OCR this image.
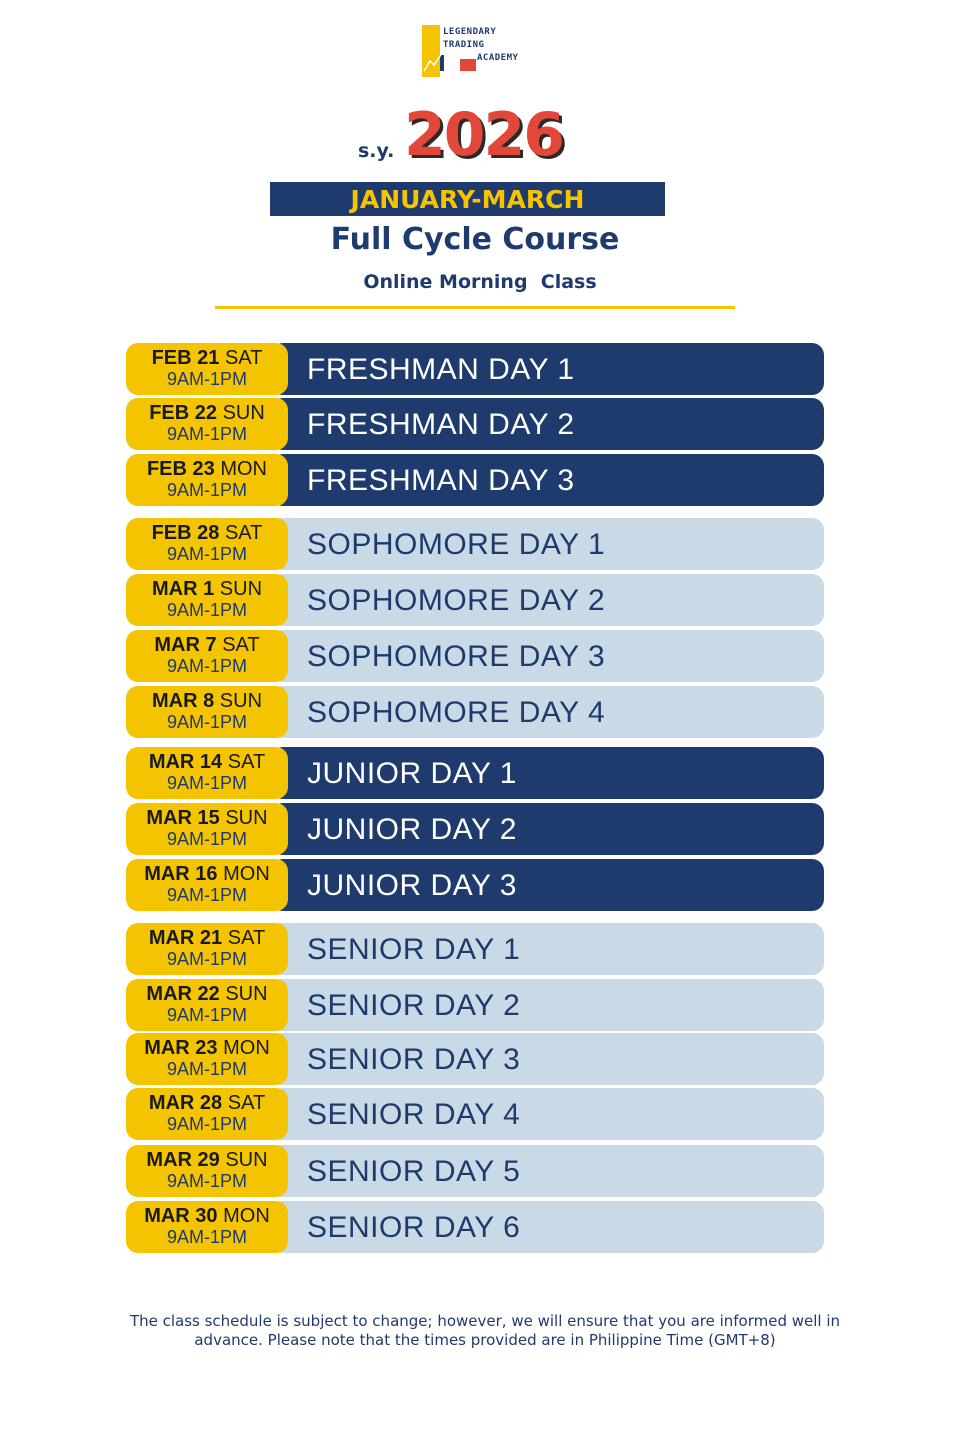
LEGENDARY
TRADING
ACADEMY
s.y. 2026
JANUARY-MARCH
Full Cycle Course
Online Morning  Class
FRESHMAN DAY 1
FEB 21 SAT
9AM-1PM
FRESHMAN DAY 2
FEB 22 SUN
9AM-1PM
FRESHMAN DAY 3
FEB 23 MON
9AM-1PM
SOPHOMORE DAY 1
FEB 28 SAT
9AM-1PM
SOPHOMORE DAY 2
MAR 1 SUN
9AM-1PM
SOPHOMORE DAY 3
MAR 7 SAT
9AM-1PM
SOPHOMORE DAY 4
MAR 8 SUN
9AM-1PM
JUNIOR DAY 1
MAR 14 SAT
9AM-1PM
JUNIOR DAY 2
MAR 15 SUN
9AM-1PM
JUNIOR DAY 3
MAR 16 MON
9AM-1PM
SENIOR DAY 1
MAR 21 SAT
9AM-1PM
SENIOR DAY 2
MAR 22 SUN
9AM-1PM
SENIOR DAY 3
MAR 23 MON
9AM-1PM
SENIOR DAY 4
MAR 28 SAT
9AM-1PM
SENIOR DAY 5
MAR 29 SUN
9AM-1PM
SENIOR DAY 6
MAR 30 MON
9AM-1PM
The class schedule is subject to change; however, we will ensure that you are informed well in
advance. Please note that the times provided are in Philippine Time (GMT+8)
